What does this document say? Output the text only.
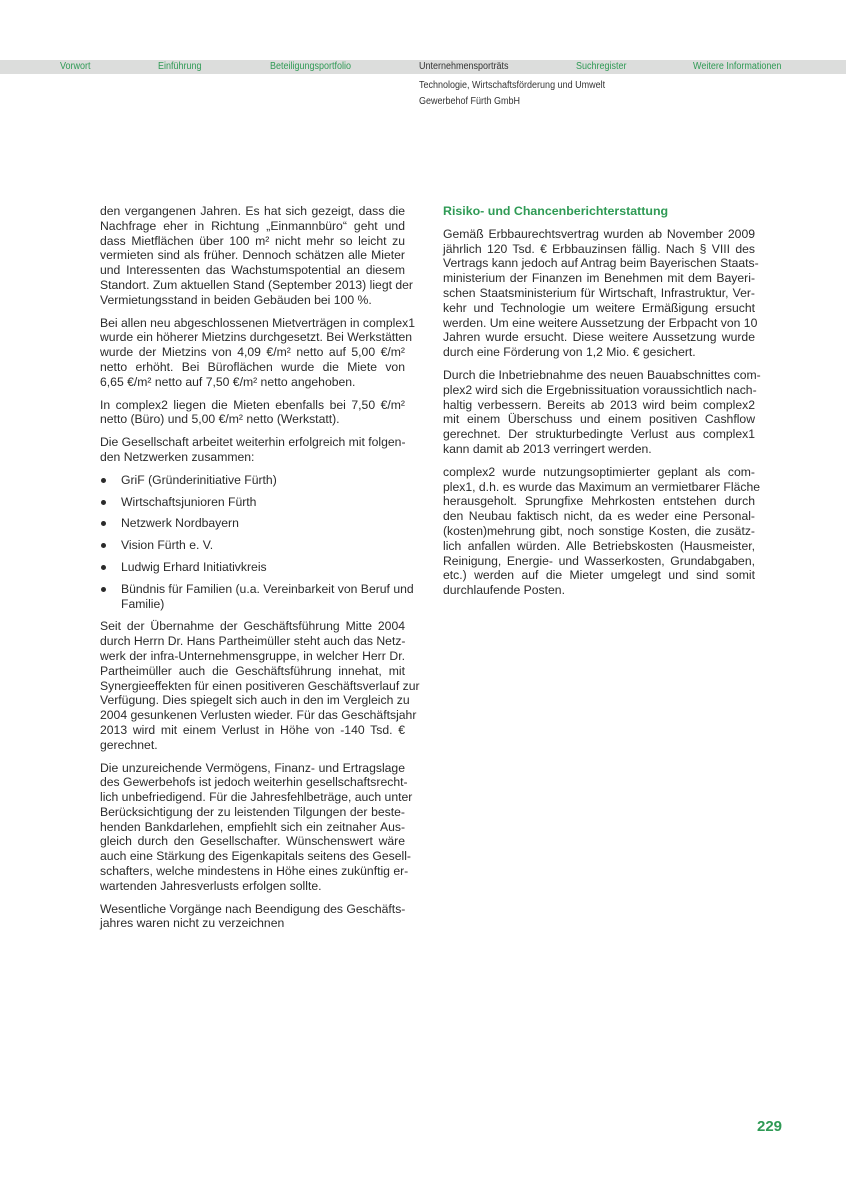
Vorwort	Einführung	Beteiligungsportfolio	Unternehmensporträts	Suchregister	Weitere Informationen
Technologie, Wirtschaftsförderung und Umwelt
Gewerbehof Fürth GmbH
den vergangenen Jahren. Es hat sich gezeigt, dass die
Nachfrage eher in Richtung „Einmannbüro“ geht und
dass Mietflächen über 100 m² nicht mehr so leicht zu
vermieten sind als früher. Dennoch schätzen alle Mieter
und Interessenten das Wachstumspotential an diesem
Standort. Zum aktuellen Stand (September 2013) liegt der
Vermietungsstand in beiden Gebäuden bei 100 %.
Bei allen neu abgeschlossenen Mietverträgen in complex1
wurde ein höherer Mietzins durchgesetzt. Bei Werkstätten
wurde der Mietzins von 4,09 €/m² netto auf 5,00 €/m²
netto erhöht. Bei Büroflächen wurde die Miete von
6,65 €/m² netto auf 7,50 €/m² netto angehoben.
In complex2 liegen die Mieten ebenfalls bei 7,50 €/m²
netto (Büro) und 5,00 €/m² netto (Werkstatt).
Die Gesellschaft arbeitet weiterhin erfolgreich mit folgen-
den Netzwerken zusammen:
GriF (Gründerinitiative Fürth)
Wirtschaftsjunioren Fürth
Netzwerk Nordbayern
Vision Fürth e. V.
Ludwig Erhard Initiativkreis
Bündnis für Familien (u.a. Vereinbarkeit von Beruf und
Familie)
Seit der Übernahme der Geschäftsführung Mitte 2004
durch Herrn Dr. Hans Partheimüller steht auch das Netz-
werk der infra-Unternehmensgruppe, in welcher Herr Dr.
Partheimüller auch die Geschäftsführung innehat, mit
Synergieeffekten für einen positiveren Geschäftsverlauf zur
Verfügung. Dies spiegelt sich auch in den im Vergleich zu
2004 gesunkenen Verlusten wieder. Für das Geschäftsjahr
2013 wird mit einem Verlust in Höhe von -140 Tsd. €
gerechnet.
Die unzureichende Vermögens, Finanz- und Ertragslage
des Gewerbehofs ist jedoch weiterhin gesellschaftsrecht-
lich unbefriedigend. Für die Jahresfehlbeträge, auch unter
Berücksichtigung der zu leistenden Tilgungen der beste-
henden Bankdarlehen, empfiehlt sich ein zeitnaher Aus-
gleich durch den Gesellschafter. Wünschenswert wäre
auch eine Stärkung des Eigenkapitals seitens des Gesell-
schafters, welche mindestens in Höhe eines zukünftig er-
wartenden Jahresverlusts erfolgen sollte.
Wesentliche Vorgänge nach Beendigung des Geschäfts-
jahres waren nicht zu verzeichnen
Risiko- und Chancenberichterstattung
Gemäß Erbbaurechtsvertrag wurden ab November 2009
jährlich 120 Tsd. € Erbbauzinsen fällig. Nach § VIII des
Vertrags kann jedoch auf Antrag beim Bayerischen Staats-
ministerium der Finanzen im Benehmen mit dem Bayeri-
schen Staatsministerium für Wirtschaft, Infrastruktur, Ver-
kehr und Technologie um weitere Ermäßigung ersucht
werden. Um eine weitere Aussetzung der Erbpacht von 10
Jahren wurde ersucht. Diese weitere Aussetzung wurde
durch eine Förderung von 1,2 Mio. € gesichert.
Durch die Inbetriebnahme des neuen Bauabschnittes com-
plex2 wird sich die Ergebnissituation voraussichtlich nach-
haltig verbessern. Bereits ab 2013 wird beim complex2
mit einem Überschuss und einem positiven Cashflow
gerechnet. Der strukturbedingte Verlust aus complex1
kann damit ab 2013 verringert werden.
complex2 wurde nutzungsoptimierter geplant als com-
plex1, d.h. es wurde das Maximum an vermietbarer Fläche
herausgeholt. Sprungfixe Mehrkosten entstehen durch
den Neubau faktisch nicht, da es weder eine Personal-
(kosten)mehrung gibt, noch sonstige Kosten, die zusätz-
lich anfallen würden. Alle Betriebskosten (Hausmeister,
Reinigung, Energie- und Wasserkosten, Grundabgaben,
etc.) werden auf die Mieter umgelegt und sind somit
durchlaufende Posten.
229
